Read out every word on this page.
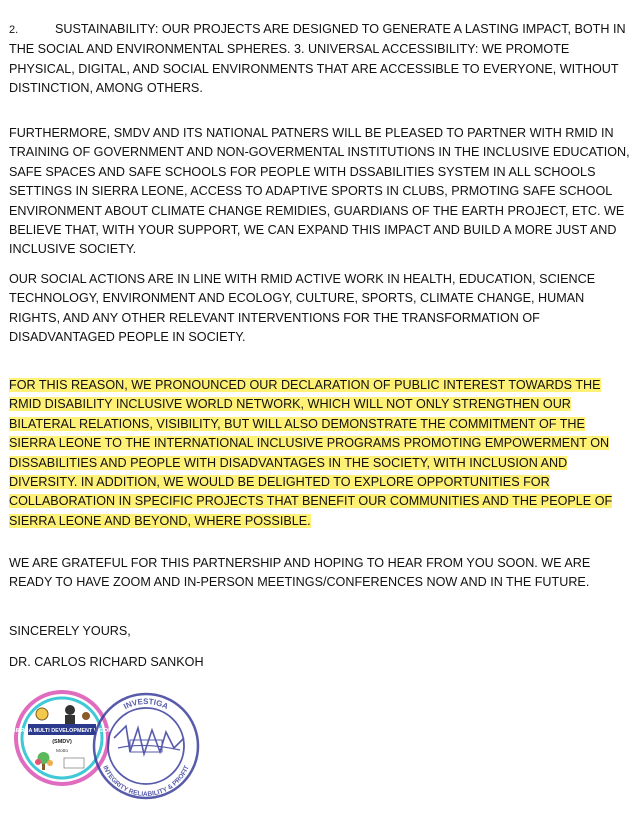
2.	SUSTAINABILITY: OUR PROJECTS ARE DESIGNED TO GENERATE A LASTING IMPACT, BOTH IN THE SOCIAL AND ENVIRONMENTAL SPHERES. 3. UNIVERSAL ACCESSIBILITY: WE PROMOTE PHYSICAL, DIGITAL, AND SOCIAL ENVIRONMENTS THAT ARE ACCESSIBLE TO EVERYONE, WITHOUT DISTINCTION, AMONG OTHERS.

FURTHERMORE, SMDV AND ITS NATIONAL PATNERS WILL BE PLEASED TO PARTNER WITH RMID IN TRAINING OF GOVERNMENT AND NON-GOVERMENTAL INSTITUTIONS IN THE INCLUSIVE EDUCATION, SAFE SPACES AND SAFE SCHOOLS FOR PEOPLE WITH DSSABILITIES SYSTEM IN ALL SCHOOLS SETTINGS IN SIERRA LEONE, ACCESS TO ADAPTIVE SPORTS IN CLUBS, PRMOTING SAFE SCHOOL ENVIRONMENT ABOUT CLIMATE CHANGE REMIDIES, GUARDIANS OF THE EARTH PROJECT, ETC. WE BELIEVE THAT, WITH YOUR SUPPORT, WE CAN EXPAND THIS IMPACT AND BUILD A MORE JUST AND INCLUSIVE SOCIETY.

OUR SOCIAL ACTIONS ARE IN LINE WITH RMID ACTIVE WORK IN HEALTH, EDUCATION, SCIENCE TECHNOLOGY, ENVIRONMENT AND ECOLOGY, CULTURE, SPORTS, CLIMATE CHANGE, HUMAN RIGHTS, AND ANY OTHER RELEVANT INTERVENTIONS FOR THE TRANSFORMATION OF DISADVANTAGED PEOPLE IN SOCIETY.

FOR THIS REASON, WE PRONOUNCED OUR DECLARATION OF PUBLIC INTEREST TOWARDS THE RMID DISABILITY INCLUSIVE WORLD NETWORK, WHICH WILL NOT ONLY STRENGTHEN OUR BILATERAL RELATIONS, VISIBILITY, BUT WILL ALSO DEMONSTRATE THE COMMITMENT OF THE SIERRA LEONE TO THE INTERNATIONAL INCLUSIVE PROGRAMS PROMOTING EMPOWERMENT ON DISSABILITIES AND PEOPLE WITH DISADVANTAGES IN THE SOCIETY, WITH INCLUSION AND DIVERSITY. IN ADDITION, WE WOULD BE DELIGHTED TO EXPLORE OPPORTUNITIES FOR COLLABORATION IN SPECIFIC PROJECTS THAT BENEFIT OUR COMMUNITIES AND THE PEOPLE OF SIERRA LEONE AND BEYOND, WHERE POSSIBLE.

WE ARE GRATEFUL FOR THIS PARTNERSHIP AND HOPING TO HEAR FROM YOU SOON. WE ARE READY TO HAVE ZOOM AND IN-PERSON MEETINGS/CONFERENCES NOW AND IN THE FUTURE.

SINCERELY YOURS,

DR. CARLOS RICHARD SANKOH

SIERRA MULTI DEVELOPMENT VISION
(SMDV)
Motto
INVESTIGA
INTEGRITY RELIABILITY & PROFIT
